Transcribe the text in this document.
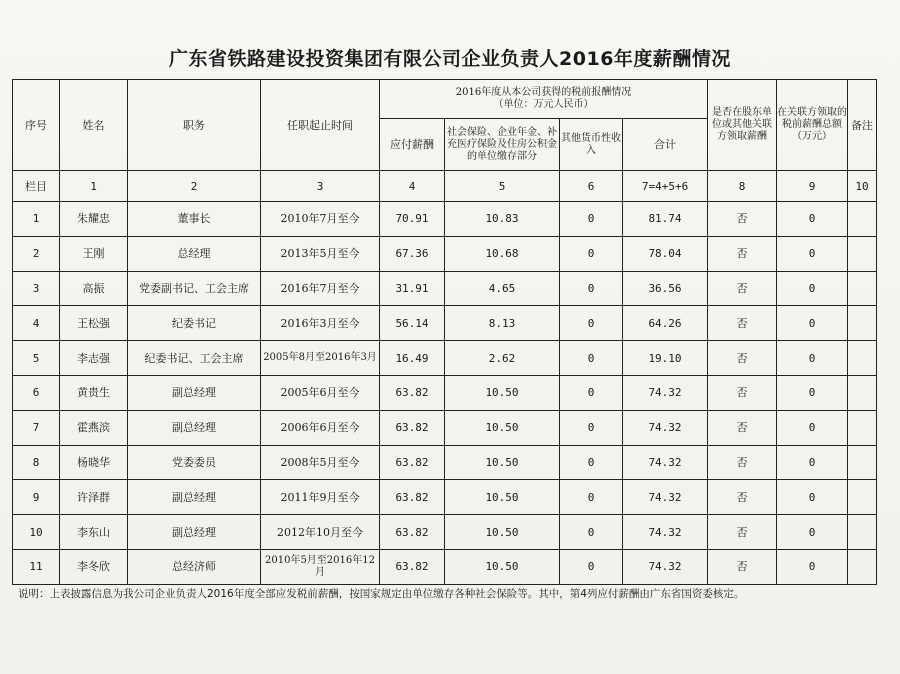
广东省铁路建设投资集团有限公司企业负责人2016年度薪酬情况
序号	姓名	职务	任职起止时间	2016年度从本公司获得的税前报酬情况
（单位：万元人民币）				是否在股东单位或其他关联方领取薪酬	在关联方领取的税前薪酬总额（万元）	备注
				应付薪酬	社会保险、企业年金、补充医疗保险及住房公积金的单位缴存部分	其他货币性收入	合计			
栏目	1	2	3	4	5	6	7=4+5+6	8	9	10
1	朱耀忠	董事长	2010年7月至今	70.91	10.83	0	81.74	否	0	
2	王刚	总经理	2013年5月至今	67.36	10.68	0	78.04	否	0	
3	高振	党委副书记、工会主席	2016年7月至今	31.91	4.65	0	36.56	否	0	
4	王松强	纪委书记	2016年3月至今	56.14	8.13	0	64.26	否	0	
5	李志强	纪委书记、工会主席	2005年8月至2016年3月	16.49	2.62	0	19.10	否	0	
6	黄贵生	副总经理	2005年6月至今	63.82	10.50	0	74.32	否	0	
7	霍燕滨	副总经理	2006年6月至今	63.82	10.50	0	74.32	否	0	
8	杨晓华	党委委员	2008年5月至今	63.82	10.50	0	74.32	否	0	
9	许泽群	副总经理	2011年9月至今	63.82	10.50	0	74.32	否	0	
10	李东山	副总经理	2012年10月至今	63.82	10.50	0	74.32	否	0	
11	李冬欣	总经济师	2010年5月至2016年12月	63.82	10.50	0	74.32	否	0	
说明：上表披露信息为我公司企业负责人2016年度全部应发税前薪酬，按国家规定由单位缴存各种社会保险等。其中，第4列应付薪酬由广东省国资委核定。
